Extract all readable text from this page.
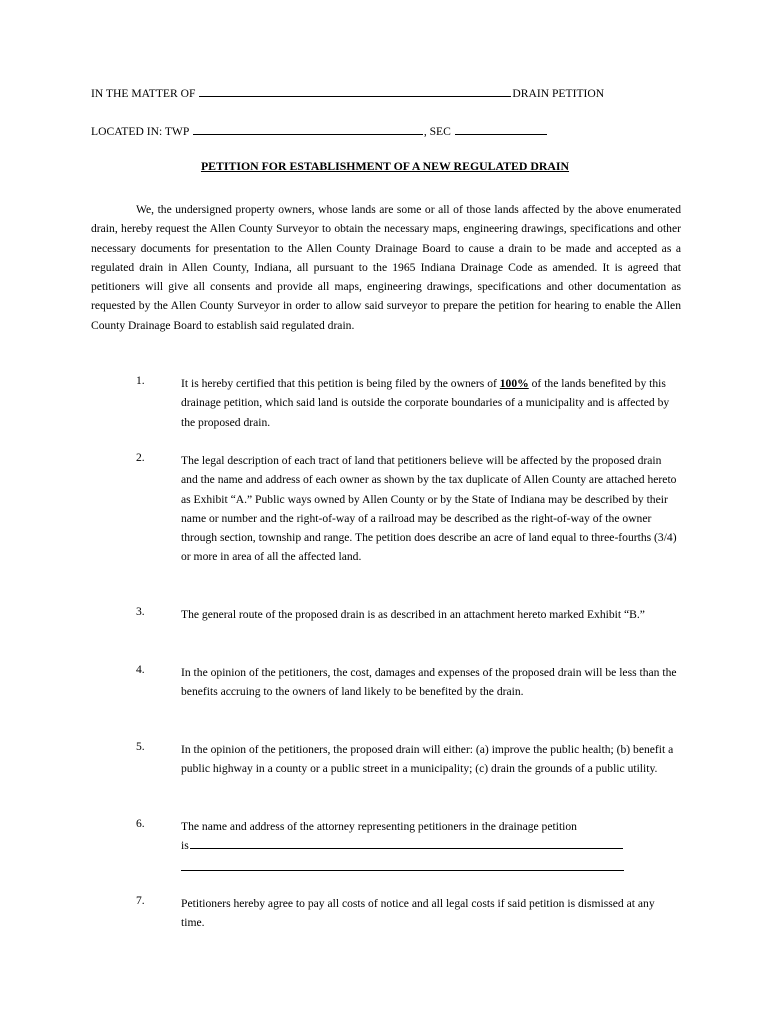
IN THE MATTER OF	DRAIN PETITION
LOCATED IN: TWP	, SEC
PETITION FOR ESTABLISHMENT OF A NEW REGULATED DRAIN
We, the undersigned property owners, whose lands are some or all of those lands affected by the above enumerated drain, hereby request the Allen County Surveyor to obtain the necessary maps, engineering drawings, specifications and other necessary documents for presentation to the Allen County Drainage Board to cause a drain to be made and accepted as a regulated drain in Allen County, Indiana, all pursuant to the 1965 Indiana Drainage Code as amended. It is agreed that petitioners will give all consents and provide all maps, engineering drawings, specifications and other documentation as requested by the Allen County Surveyor in order to allow said surveyor to prepare the petition for hearing to enable the Allen County Drainage Board to establish said regulated drain.
1.	It is hereby certified that this petition is being filed by the owners of 100% of the lands benefited by this drainage petition, which said land is outside the corporate boundaries of a municipality and is affected by the proposed drain.
2.	The legal description of each tract of land that petitioners believe will be affected by the proposed drain and the name and address of each owner as shown by the tax duplicate of Allen County are attached hereto as Exhibit “A.” Public ways owned by Allen County or by the State of Indiana may be described by their name or number and the right-of-way of a railroad may be described as the right-of-way of the owner through section, township and range. The petition does describe an acre of land equal to three-fourths (3/4) or more in area of all the affected land.
3.	The general route of the proposed drain is as described in an attachment hereto marked Exhibit “B.”
4.	In the opinion of the petitioners, the cost, damages and expenses of the proposed drain will be less than the benefits accruing to the owners of land likely to be benefited by the drain.
5.	In the opinion of the petitioners, the proposed drain will either: (a) improve the public health; (b) benefit a public highway in a county or a public street in a municipality; (c) drain the grounds of a public utility.
6.	The name and address of the attorney representing petitioners in the drainage petition
is
7.	Petitioners hereby agree to pay all costs of notice and all legal costs if said petition is dismissed at any time.
